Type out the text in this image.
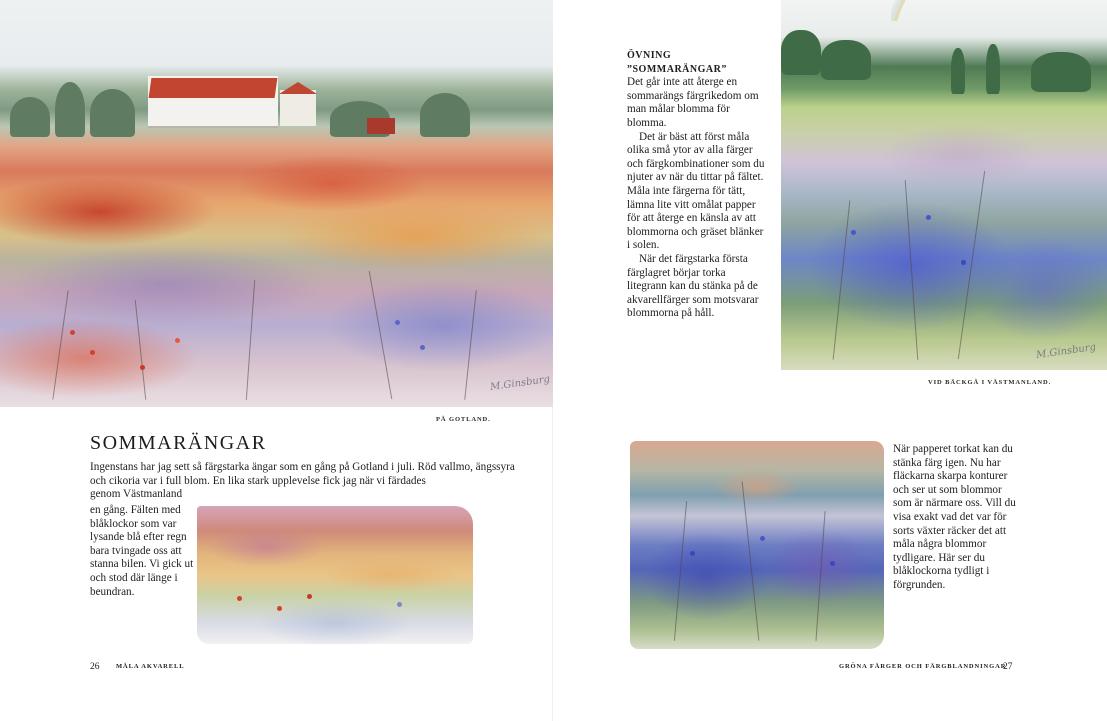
M.Ginsburg
PÅ GOTLAND.
SOMMARÄNGAR

Ingenstans har jag sett så färgstarka ängar som en gång på Gotland i juli. Röd vallmo, ängssyra och cikoria var i full blom. En lika stark upplevelse fick jag när vi färdades

genom Västmanland

en gång. Fälten med blåklockor som var lysande blå efter regn bara tvingade oss att stanna bilen. Vi gick ut och stod där länge i beundran.

26	MÅLA AKVARELL

ÖVNING ”SOMMARÄNGAR”

Det går inte att återge en sommarängs färgrikedom om man målar blomma för blomma.

Det är bäst att först måla olika små ytor av alla färger och färgkombinationer som du njuter av när du tittar på fältet. Måla inte färgerna för tätt, lämna lite vitt omålat papper för att återge en känsla av att blommorna och gräset blänker i solen.

När det färgstarka första färglagret börjar torka litegrann kan du stänka på de akvarellfärger som motsvarar blommorna på håll.

M.Ginsburg
VID BÄCKGÅ I VÄSTMANLAND.

När papperet torkat kan du stänka färg igen. Nu har fläckarna skarpa konturer och ser ut som blommor som är närmare oss. Vill du visa exakt vad det var för sorts växter räcker det att måla några blommor tydligare. Här ser du blåklockorna tydligt i förgrunden.

GRÖNA FÄRGER OCH FÄRGBLANDNINGAR
27
